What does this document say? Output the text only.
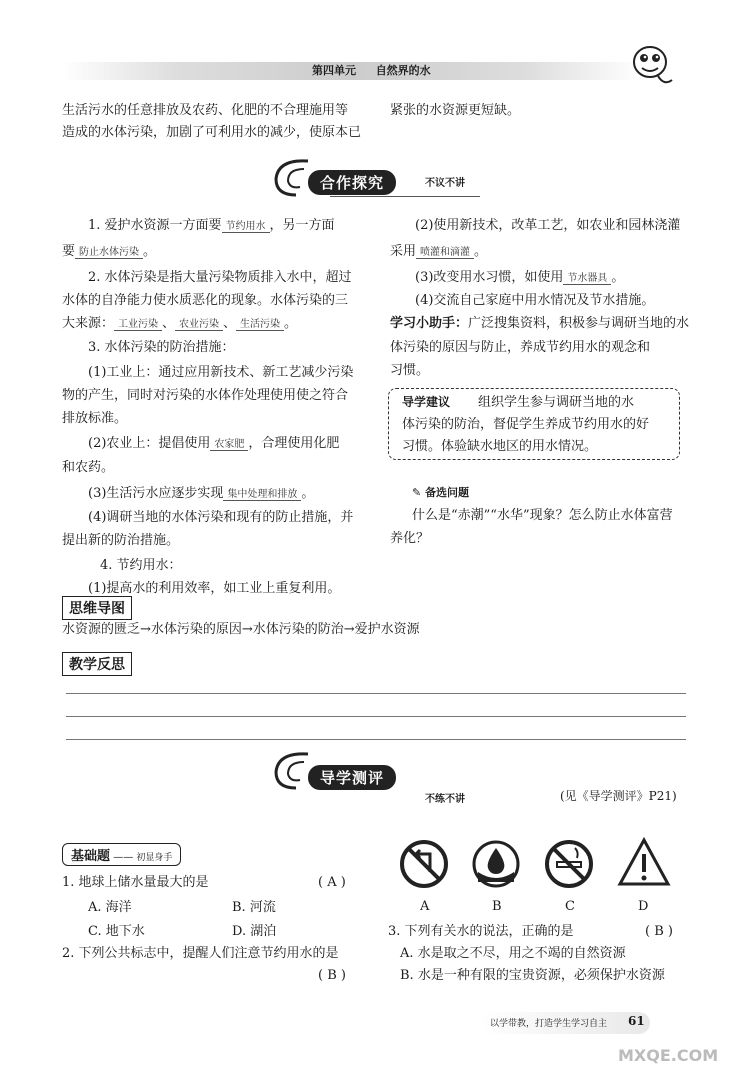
第四单元 自然界的水
生活污水的任意排放及农药、化肥的不合理施用等
造成的水体污染，加剧了可利用水的减少，使原本已
紧张的水资源更短缺。
合作探究	不议不讲
1. 爱护水资源一方面要 节约用水 ，另一方面
要 防止水体污染 。
2. 水体污染是指大量污染物质排入水中，超过
水体的自净能力使水质恶化的现象。水体污染的三
大来源： 工业污染 、 农业污染 、 生活污染 。
3. 水体污染的防治措施：
(1)工业上：通过应用新技术、新工艺减少污染
物的产生，同时对污染的水体作处理使用使之符合
排放标准。
(2)农业上：提倡使用 农家肥 ，合理使用化肥
和农药。
(3)生活污水应逐步实现 集中处理和排放 。
(4)调研当地的水体污染和现有的防止措施，并
提出新的防治措施。
4. 节约用水：
(1)提高水的利用效率，如工业上重复利用。
(2)使用新技术，改革工艺，如农业和园林浇灌
采用 喷灌和滴灌 。
(3)改变用水习惯，如使用 节水器具 。
(4)交流自己家庭中用水情况及节水措施。
学习小助手：广泛搜集资料，积极参与调研当地的水
体污染的原因与防止，养成节约用水的观念和
习惯。
导学建议 组织学生参与调研当地的水
体污染的防治，督促学生养成节约用水的好
习惯。体验缺水地区的用水情况。
✎ 备选问题
什么是“赤潮”“水华”现象？怎么防止水体富营
养化？
思维导图
水资源的匮乏→水体污染的原因→水体污染的防治→爱护水资源
教学反思
导学测评
不练不讲	(见《导学测评》P21)
基础题 —— 初显身手
1. 地球上储水量最大的是	( A )
A. 海洋	B. 河流
C. 地下水	D. 湖泊
2. 下列公共标志中，提醒人们注意节约用水的是
( B )
A	B	C	D
3. 下列有关水的说法，正确的是	( B )
A. 水是取之不尽，用之不竭的自然资源
B. 水是一种有限的宝贵资源，必须保护水资源
以学带教，打造学生学习自主 61
MXQE.COM
